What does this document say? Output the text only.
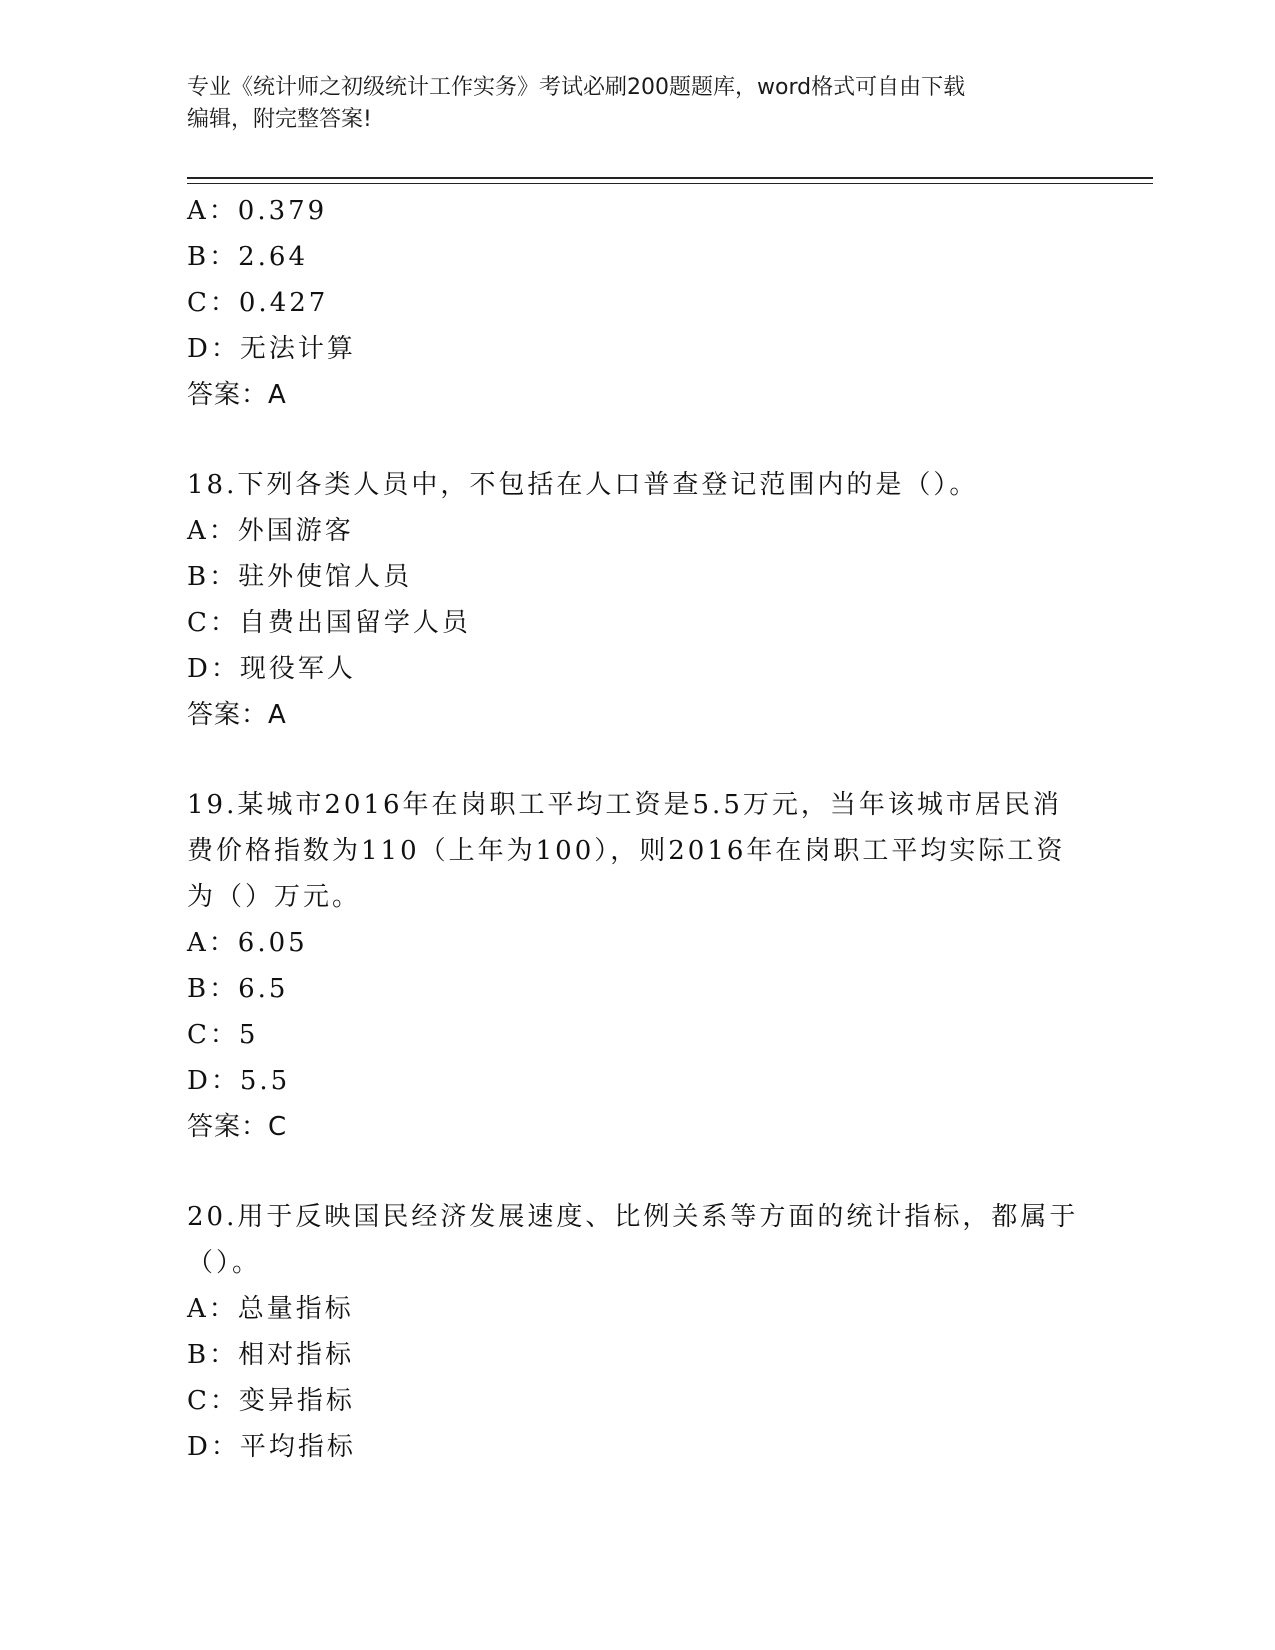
专业《统计师之初级统计工作实务》考试必刷200题题库，word格式可自由下载
编辑，附完整答案!
A：0.379
B：2.64
C：0.427
D：无法计算
答案：A
18.下列各类人员中，不包括在人口普查登记范围内的是（）。
A：外国游客
B：驻外使馆人员
C：自费出国留学人员
D：现役军人
答案：A
19.某城市2016年在岗职工平均工资是5.5万元，当年该城市居民消
费价格指数为110（上年为100），则2016年在岗职工平均实际工资
为（）万元。
A：6.05
B：6.5
C：5
D：5.5
答案：C
20.用于反映国民经济发展速度、比例关系等方面的统计指标，都属于
（）。
A：总量指标
B：相对指标
C：变异指标
D：平均指标
